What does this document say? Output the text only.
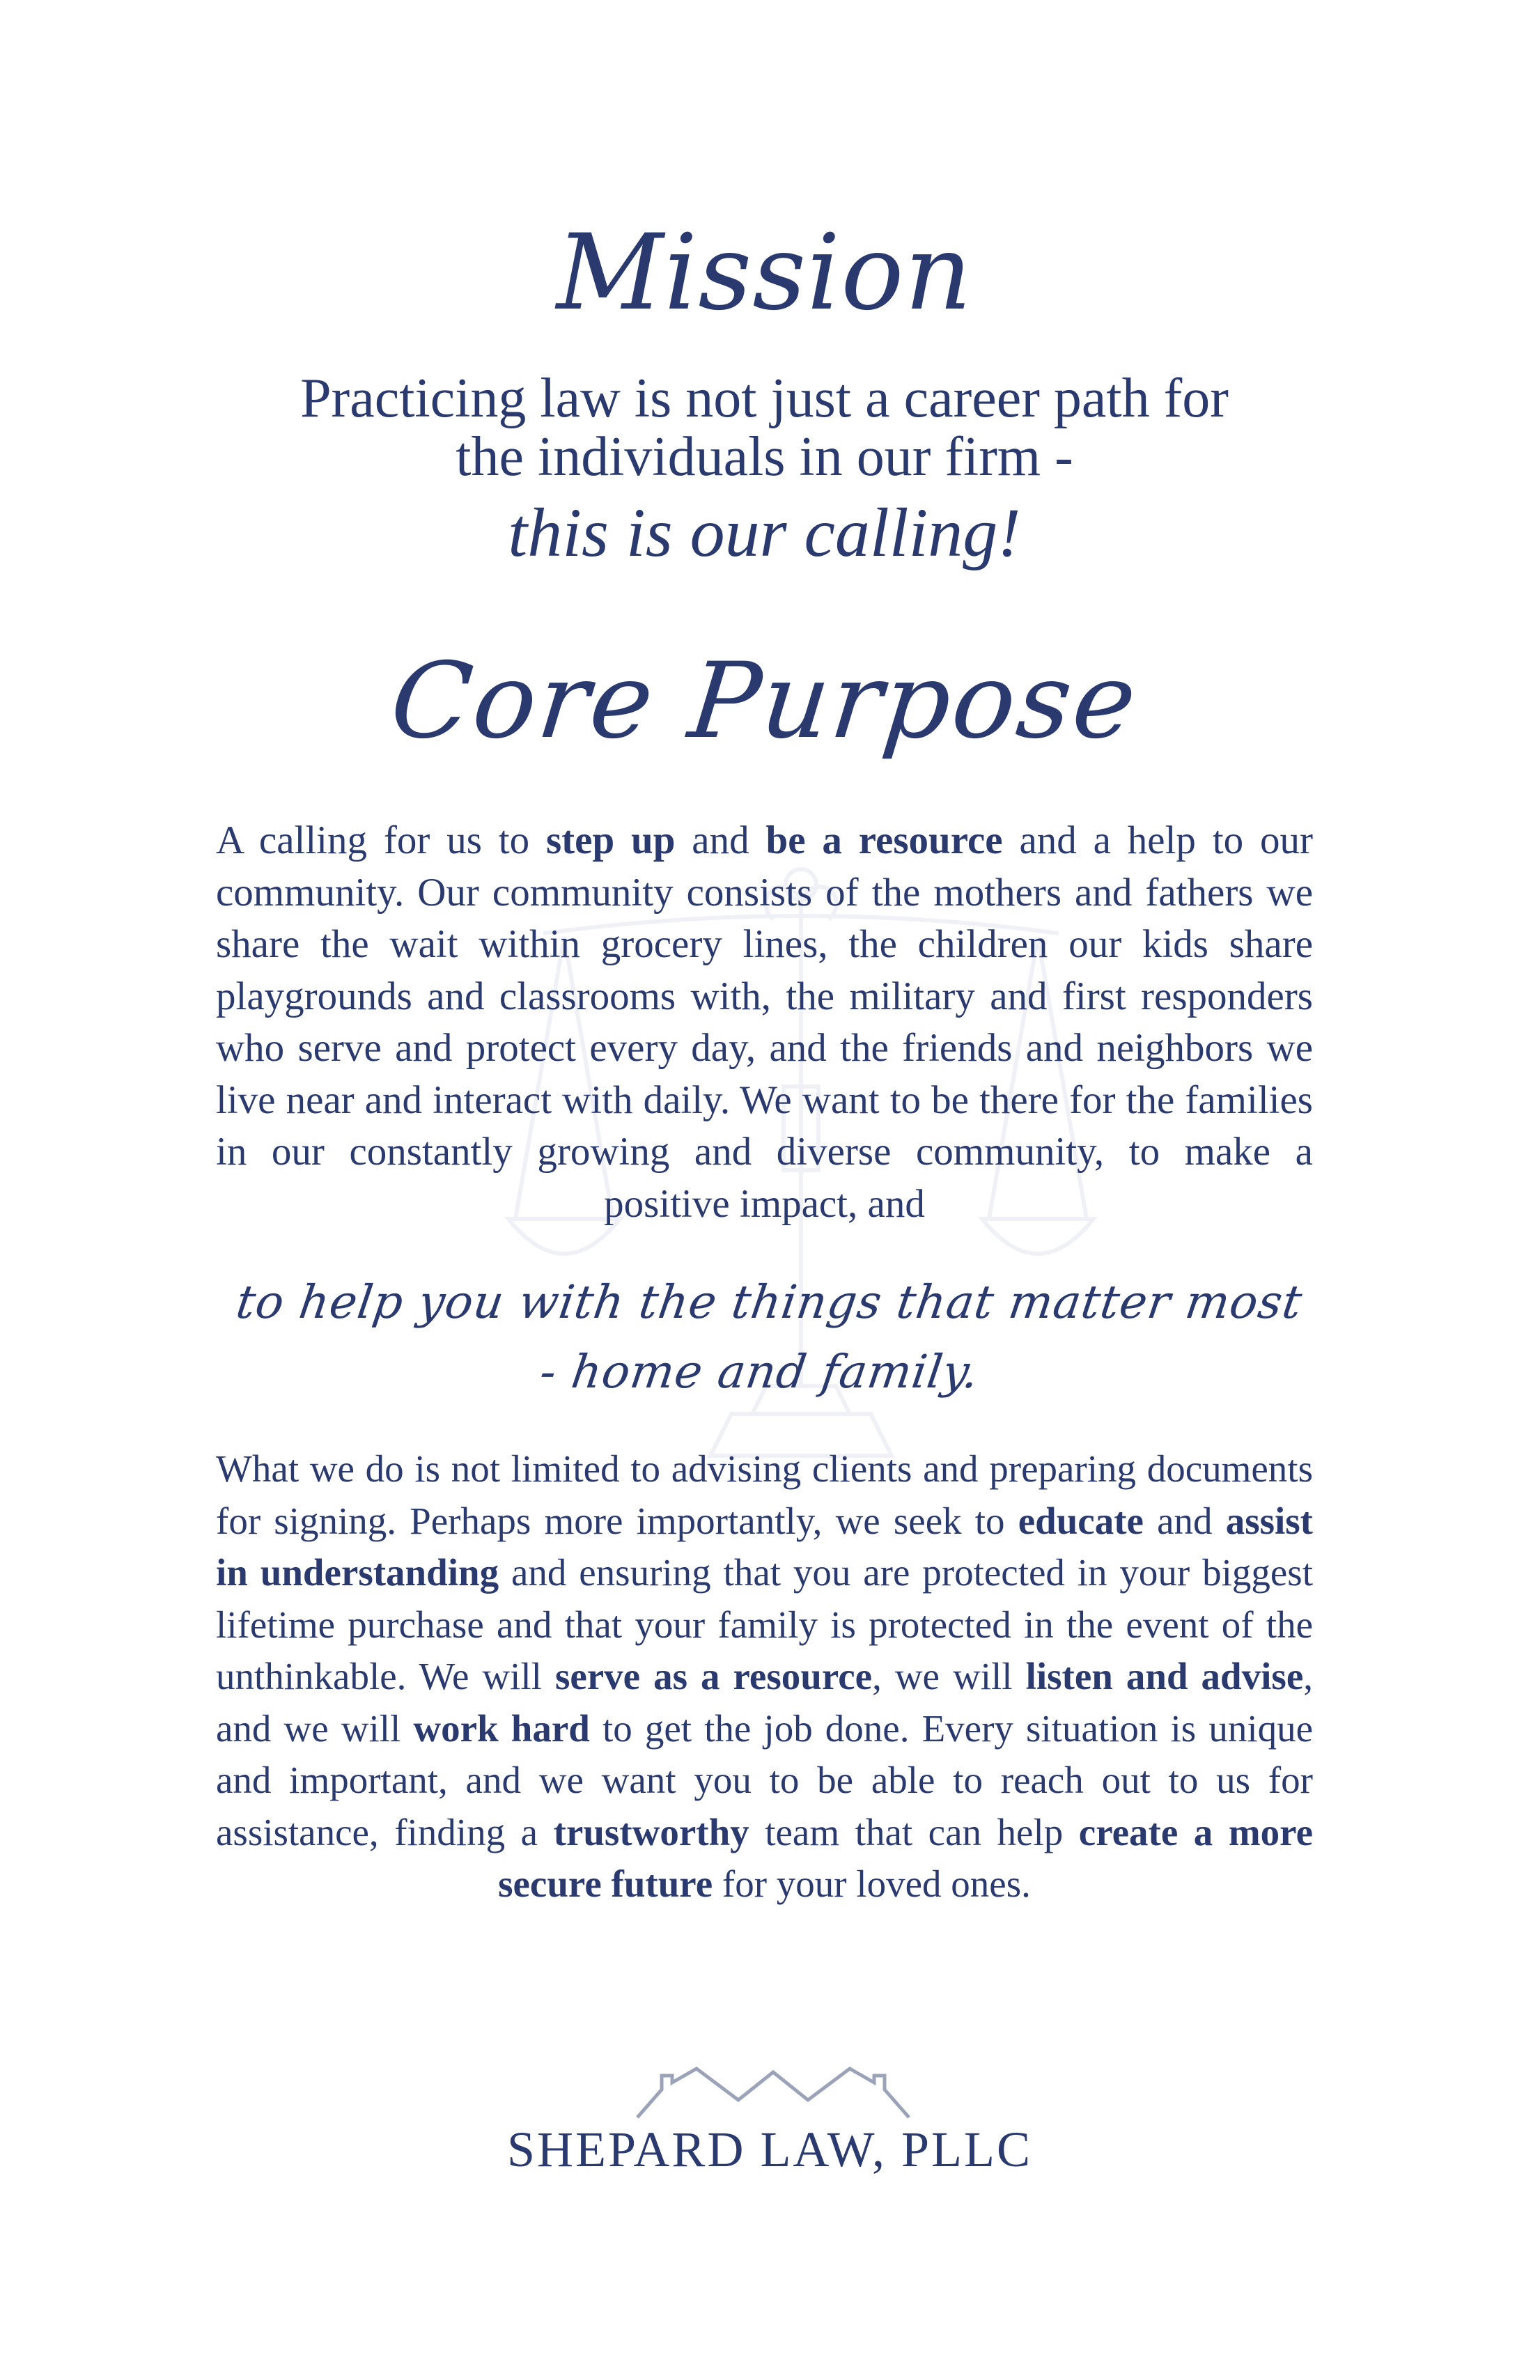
Mission
Practicing law is not just a career path for
the individuals in our firm -
this is our calling!
Core Purpose
A calling for us to step up and be a resource and a help to our community. Our community consists of the mothers and fathers we share the wait within grocery lines, the children our kids share playgrounds and classrooms with, the military and first responders who serve and protect every day, and the friends and neighbors we live near and interact with daily. We want to be there for the families in our constantly growing and diverse community, to make a positive impact, and
to help you with the things that matter most
- home and family.
What we do is not limited to advising clients and preparing documents for signing. Perhaps more importantly, we seek to educate and assist in understanding and ensuring that you are protected in your biggest lifetime purchase and that your family is protected in the event of the unthinkable. We will serve as a resource, we will listen and advise, and we will work hard to get the job done. Every situation is unique and important, and we want you to be able to reach out to us for assistance, finding a trustworthy team that can help create a more secure future for your loved ones.
SHEPARD LAW, PLLC
